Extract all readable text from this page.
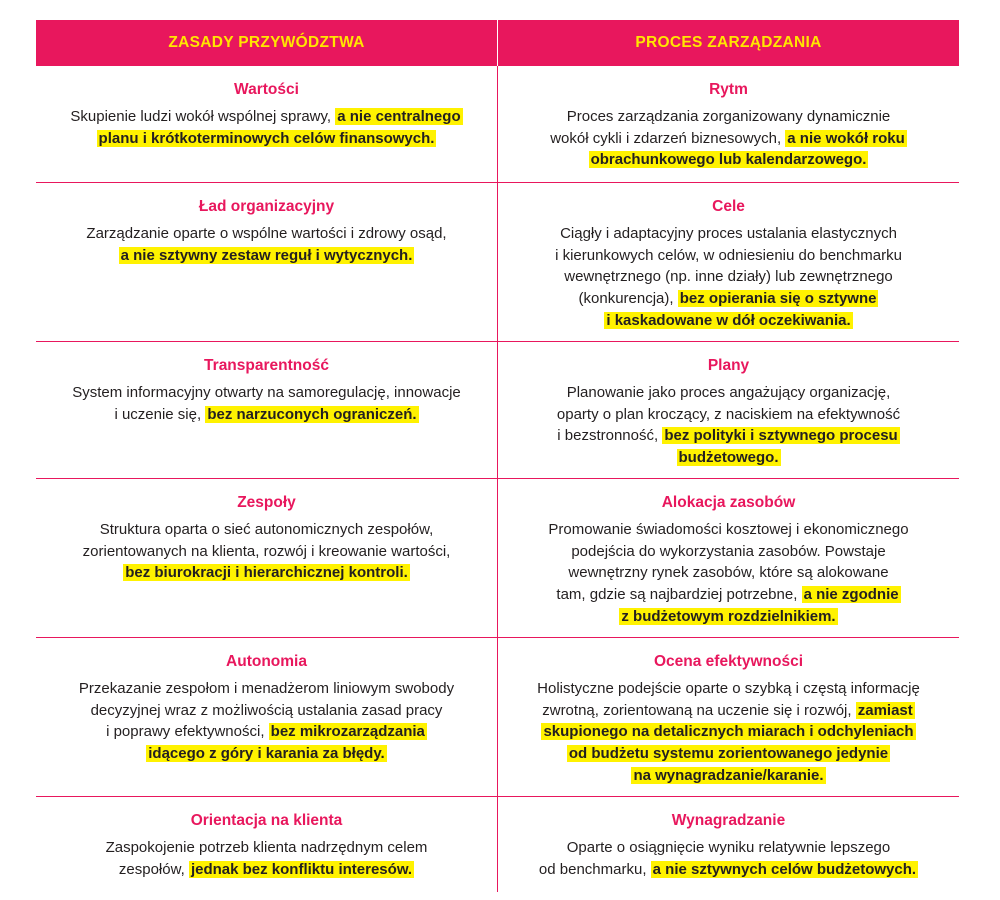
ZASADY PRZYWÓDZTWA	PROCES ZARZĄDZANIA
Wartości
Skupienie ludzi wokół wspólnej sprawy, a nie centralnego
planu i krótkoterminowych celów finansowych.
Rytm
Proces zarządzania zorganizowany dynamicznie
wokół cykli i zdarzeń biznesowych, a nie wokół roku
obrachunkowego lub kalendarzowego.
Ład organizacyjny
Zarządzanie oparte o wspólne wartości i zdrowy osąd,
a nie sztywny zestaw reguł i wytycznych.
Cele
Ciągły i adaptacyjny proces ustalania elastycznych
i kierunkowych celów, w odniesieniu do benchmarku
wewnętrznego (np. inne działy) lub zewnętrznego
(konkurencja), bez opierania się o sztywne
i kaskadowane w dół oczekiwania.
Transparentność
System informacyjny otwarty na samoregulację, innowacje
i uczenie się, bez narzuconych ograniczeń.
Plany
Planowanie jako proces angażujący organizację,
oparty o plan kroczący, z naciskiem na efektywność
i bezstronność, bez polityki i sztywnego procesu
budżetowego.
Zespoły
Struktura oparta o sieć autonomicznych zespołów,
zorientowanych na klienta, rozwój i kreowanie wartości,
bez biurokracji i hierarchicznej kontroli.
Alokacja zasobów
Promowanie świadomości kosztowej i ekonomicznego
podejścia do wykorzystania zasobów. Powstaje
wewnętrzny rynek zasobów, które są alokowane
tam, gdzie są najbardziej potrzebne, a nie zgodnie
z budżetowym rozdzielnikiem.
Autonomia
Przekazanie zespołom i menadżerom liniowym swobody
decyzyjnej wraz z możliwością ustalania zasad pracy
i poprawy efektywności, bez mikrozarządzania
idącego z góry i karania za błędy.
Ocena efektywności
Holistyczne podejście oparte o szybką i częstą informację
zwrotną, zorientowaną na uczenie się i rozwój, zamiast
skupionego na detalicznych miarach i odchyleniach
od budżetu systemu zorientowanego jedynie
na wynagradzanie/karanie.
Orientacja na klienta
Zaspokojenie potrzeb klienta nadrzędnym celem
zespołów, jednak bez konfliktu interesów.
Wynagradzanie
Oparte o osiągnięcie wyniku relatywnie lepszego
od benchmarku, a nie sztywnych celów budżetowych.
